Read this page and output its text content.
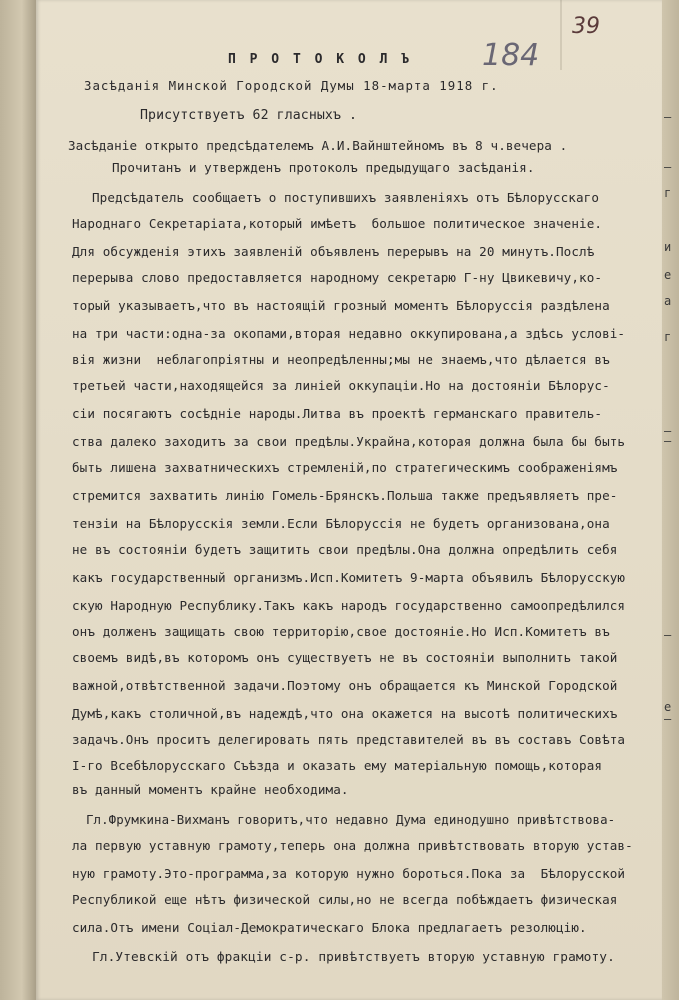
184
39
П Р О Т О К О Л Ъ
Засѣданія Минской Городской Думы 18-марта 1918 г.
Присутствуетъ 62 гласныхъ .
Засѣданіе открыто предсѣдателемъ А.И.Вайнштейномъ въ 8 ч.вечера .
Прочитанъ и утвержденъ протоколъ предыдущаго засѣданія.
Предсѣдатель сообщаетъ о поступившихъ заявленіяхъ отъ Бѣлорусскаго
Народнаго Секретаріата,который имѣетъ  большое политическое значеніе.
Для обсужденія этихъ заявленій объявленъ перерывъ на 20 минутъ.Послѣ
перерыва слово предоставляется народному секретарю Г-ну Цвикевичу,ко-
торый указываетъ,что въ настоящій грозный моментъ Бѣлоруссія раздѣлена
на три части:одна-за окопами,вторая недавно оккупирована,а здѣсь услові-
вія жизни  неблагопріятны и неопредѣленны;мы не знаемъ,что дѣлается въ
третьей части,находящейся за линіей оккупаціи.Но на достояніи Бѣлорус-
сіи посягаютъ сосѣдніе народы.Литва въ проектѣ германскаго правитель-
ства далеко заходитъ за свои предѣлы.Украйна,которая должна была бы быть
быть лишена захватническихъ стремленій,по стратегическимъ соображеніямъ
стремится захватить линію Гомель-Брянскъ.Польша также предъявляетъ пре-
тензіи на Бѣлорусскія земли.Если Бѣлоруссія не будетъ организована,она
не въ состояніи будетъ защитить свои предѣлы.Она должна опредѣлить себя
какъ государственный организмъ.Исп.Комитетъ 9-марта объявилъ Бѣлорусскую
скую Народную Республику.Такъ какъ народъ государственно самоопредѣлился
онъ долженъ защищать свою территорію,свое достояніе.Но Исп.Комитетъ въ
своемъ видѣ,въ которомъ онъ существуетъ не въ состояніи выполнить такой
важной,отвѣтственной задачи.Поэтому онъ обращается къ Минской Городской
Думѣ,какъ столичной,въ надеждѣ,что она окажется на высотѣ политическихъ
задачъ.Онъ проситъ делегировать пять представителей въ въ составъ Совѣта
І-го Всебѣлорусскаго Съѣзда и оказать ему матеріальную помощь,которая
въ данный моментъ крайне необходима.
Гл.Фрумкина-Вихманъ говоритъ,что недавно Дума единодушно привѣтствова-
ла первую уставную грамоту,теперь она должна привѣтствовать вторую устав-
ную грамоту.Это-программа,за которую нужно бороться.Пока за  Бѣлорусской
Республикой еще нѣтъ физической силы,но не всегда побѣждаетъ физическая
сила.Отъ имени Соціал-Демократическаго Блока предлагаетъ резолюцію.
Гл.Утевскій отъ фракціи с-р. привѣтствуетъ вторую уставную грамоту.
–
–
г
и
е
а
г
–
–
–
е
–
